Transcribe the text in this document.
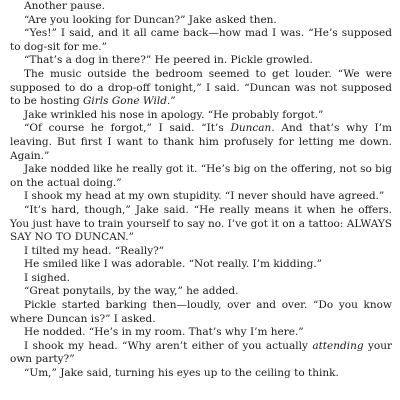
Another pause.

“Are you looking for Duncan?” Jake asked then.

“Yes!” I said, and it all came back—how mad I was. “He’s supposed to dog-sit for me.”

“That’s a dog in there?” He peered in. Pickle growled.

The music outside the bedroom seemed to get louder. “We were supposed to do a drop-off tonight,” I said. “Duncan was not supposed to be hosting Girls Gone Wild.”

Jake wrinkled his nose in apology. “He probably forgot.”

“Of course he forgot,” I said. “It’s Duncan. And that’s why I’m leaving. But first I want to thank him profusely for letting me down. Again.”

Jake nodded like he really got it. “He’s big on the offering, not so big on the actual doing.”

I shook my head at my own stupidity. “I never should have agreed.”

“It’s hard, though,” Jake said. “He really means it when he offers. You just have to train yourself to say no. I’ve got it on a tattoo: ALWAYS SAY NO TO DUNCAN.”

I tilted my head. “Really?”

He smiled like I was adorable. “Not really. I’m kidding.”

I sighed.

“Great ponytails, by the way,” he added.

Pickle started barking then—loudly, over and over. “Do you know where Duncan is?” I asked.

He nodded. “He’s in my room. That’s why I’m here.”

I shook my head. “Why aren’t either of you actually attending your own party?”

“Um,” Jake said, turning his eyes up to the ceiling to think.
